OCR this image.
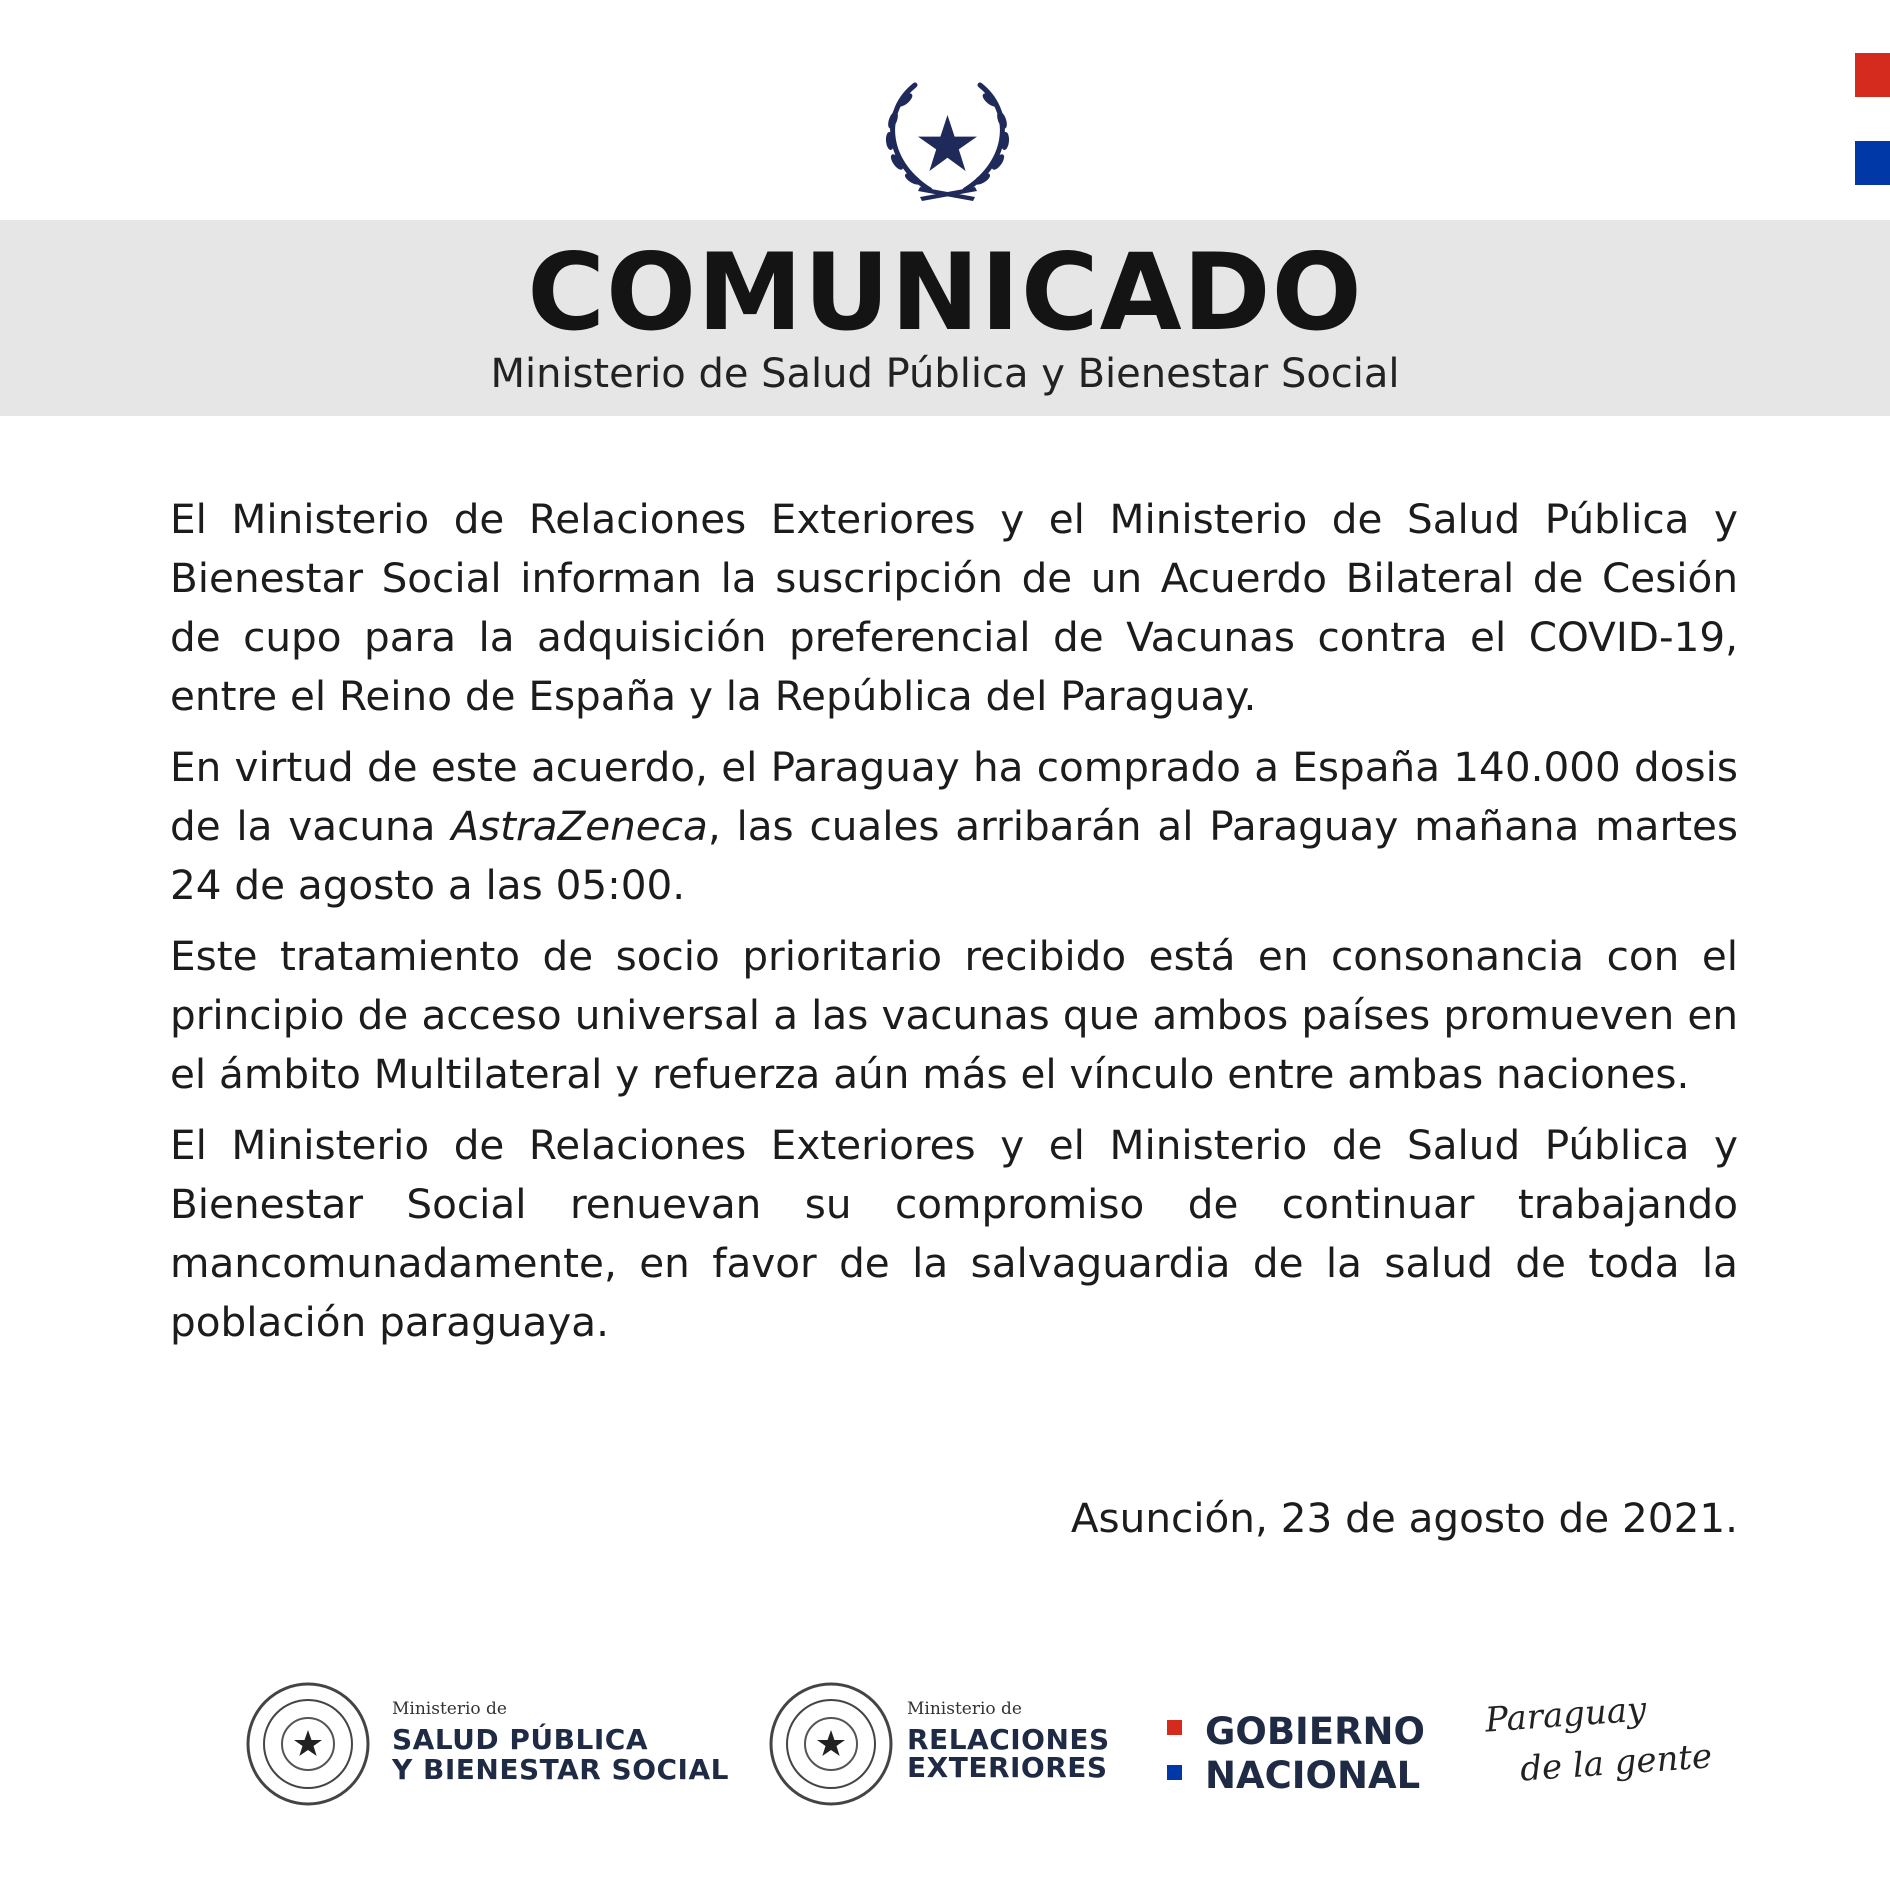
COMUNICADO
Ministerio de Salud Pública y Bienestar Social

El Ministerio de Relaciones Exteriores y el Ministerio de Salud Pública y Bienestar Social informan la suscripción de un Acuerdo Bilateral de Cesión de cupo para la adquisición preferencial de Vacunas contra el COVID-19, entre el Reino de España y la República del Paraguay.

En virtud de este acuerdo, el Paraguay ha comprado a España 140.000 dosis de la vacuna AstraZeneca, las cuales arribarán al Paraguay mañana martes 24 de agosto a las 05:00.

Este tratamiento de socio prioritario recibido está en consonancia con el principio de acceso universal a las vacunas que ambos países promueven en el ámbito Multilateral y refuerza aún más el vínculo entre ambas naciones.

El Ministerio de Relaciones Exteriores y el Ministerio de Salud Pública y Bienestar Social renuevan su compromiso de continuar trabajando mancomunadamente, en favor de la salvaguardia de la salud de toda la población paraguaya.

Asunción, 23 de agosto de 2021.
Ministerio de
SALUD PÚBLICA
Y BIENESTAR SOCIAL
Ministerio de
RELACIONES
EXTERIORES
GOBIERNO
NACIONAL
Paraguay
de la gente
